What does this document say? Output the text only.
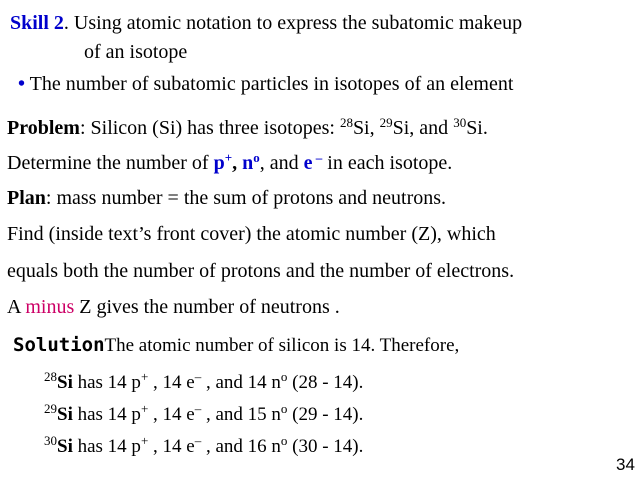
Skill 2. Using atomic notation to express the subatomic makeup
of an isotope
• The number of subatomic particles in isotopes of an element
Problem: Silicon (Si) has three isotopes: $^{28}$Si, $^{29}$Si, and $^{30}$Si.
Determine the number of p+, $n^o$, and e – in each isotope.
Plan: mass number = the sum of protons and neutrons.
Find (inside text’s front cover) the atomic number (Z), which
equals both the number of protons and the number of electrons.
A minus Z gives the number of neutrons .
SolutionThe atomic number of silicon is 14. Therefore,
$^{28}$Si has 14 p+ , 14 e– , and 14 $n^o$ (28 - 14).
$^{29}$Si has 14 p+ , 14 e– , and 15 $n^o$ (29 - 14).
$^{30}$Si has 14 p+ , 14 e– , and 16 $n^o$ (30 - 14).
34
